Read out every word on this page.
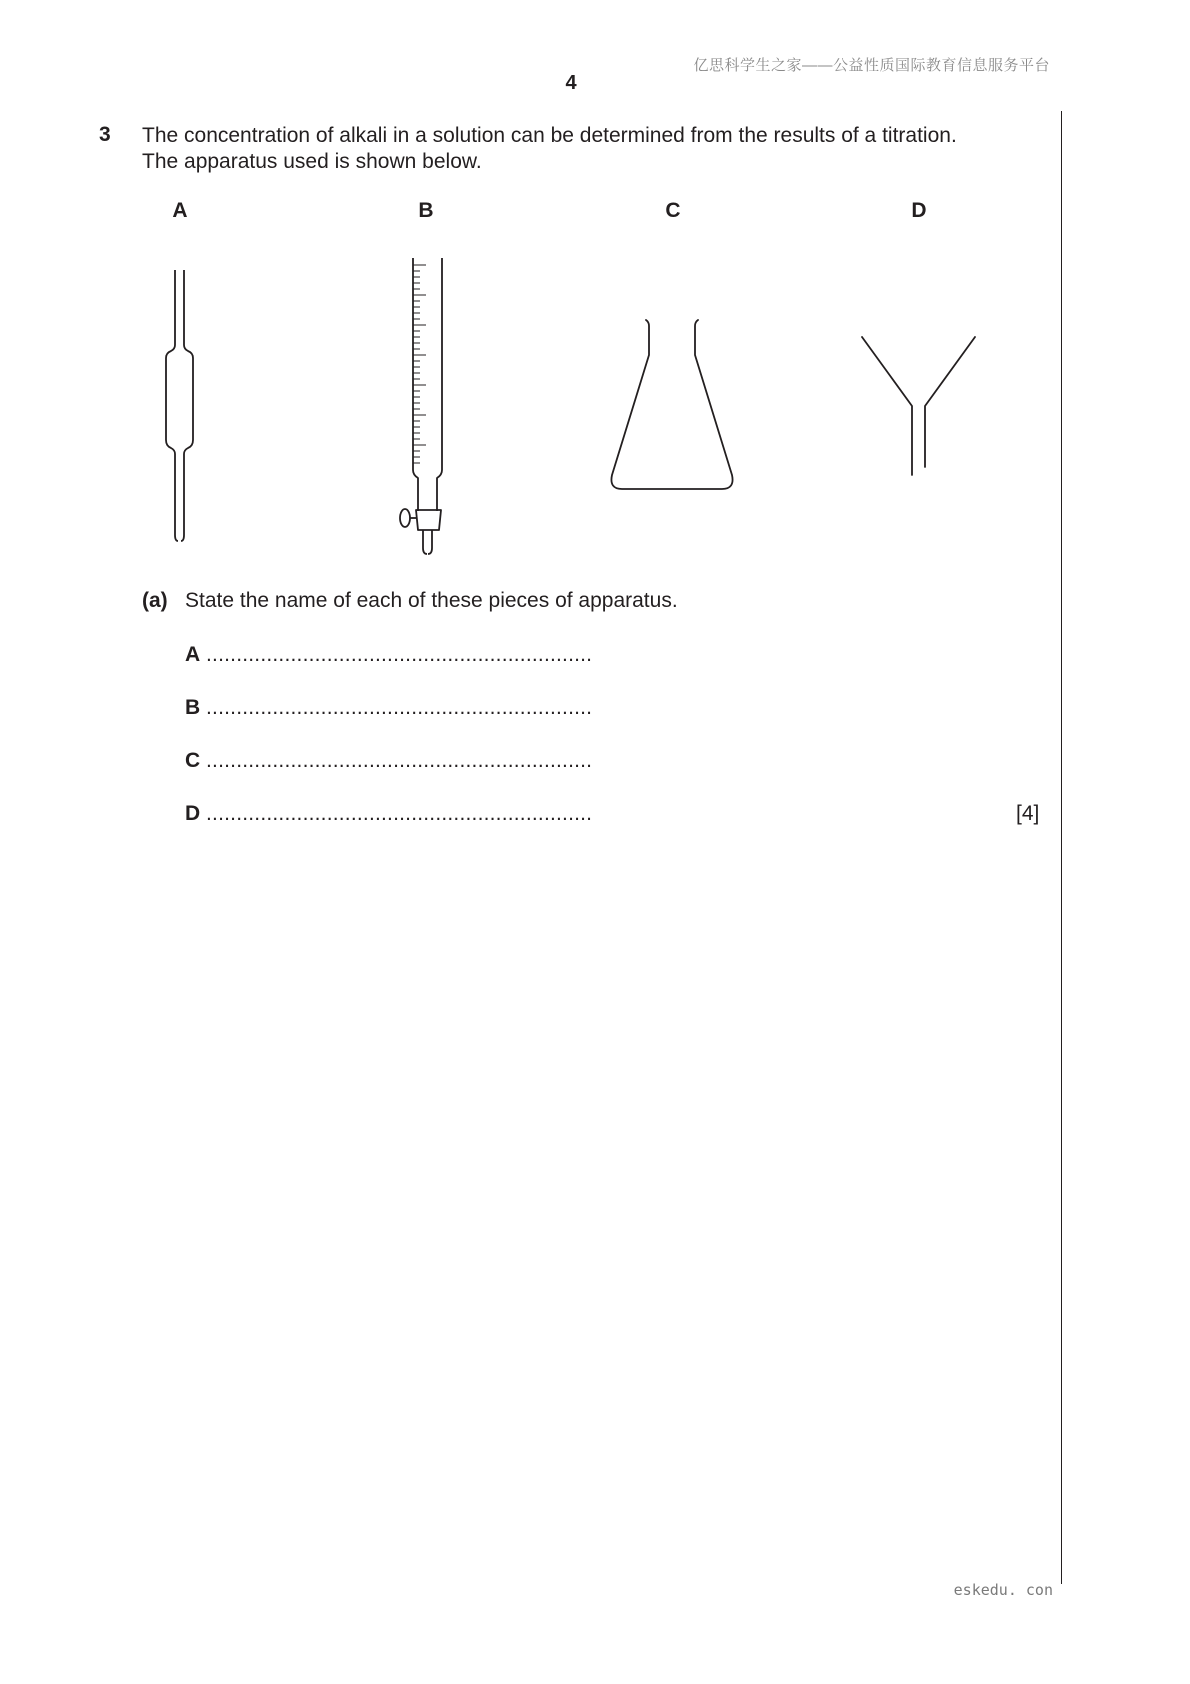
亿思科学生之家——公益性质国际教育信息服务平台
4
3 The concentration of alkali in a solution can be determined from the results of a titration.
The apparatus used is shown below.
A	B	C	D
(a) State the name of each of these pieces of apparatus.
A ................................................................
B ................................................................
C ................................................................
D ................................................................	[4]
eskedu. con
